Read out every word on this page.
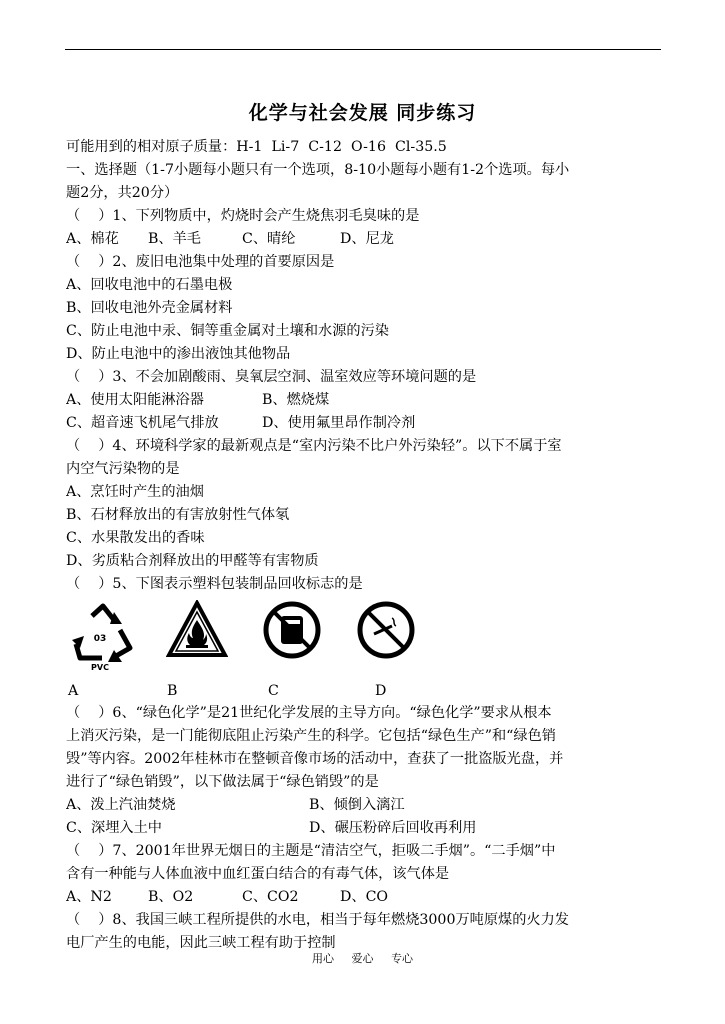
化学与社会发展 同步练习
可能用到的相对原子质量：H-1  Li-7  C-12  O-16  Cl-35.5
一、选择题（1-7小题每小题只有一个选项，8-10小题每小题有1-2个选项。每小
题2分，共20分）
（    ）1、下列物质中，灼烧时会产生烧焦羽毛臭味的是
A、棉花	B、羊毛	C、晴纶	D、尼龙
（    ）2、废旧电池集中处理的首要原因是
A、回收电池中的石墨电极
B、回收电池外壳金属材料
C、防止电池中汞、铜等重金属对土壤和水源的污染
D、防止电池中的渗出液蚀其他物品
（    ）3、不会加剧酸雨、臭氧层空洞、温室效应等环境问题的是
A、使用太阳能淋浴器	B、燃烧煤
C、超音速飞机尾气排放	D、使用氟里昂作制冷剂
（    ）4、环境科学家的最新观点是“室内污染不比户外污染轻”。以下不属于室
内空气污染物的是
A、烹饪时产生的油烟
B、石材释放出的有害放射性气体氡
C、水果散发出的香味
D、劣质粘合剂释放出的甲醛等有害物质
（    ）5、下图表示塑料包装制品回收标志的是
03
PVC
A	B	C	D
（    ）6、“绿色化学”是21世纪化学发展的主导方向。“绿色化学”要求从根本
上消灭污染，是一门能彻底阻止污染产生的科学。它包括“绿色生产”和“绿色销
毁”等内容。2002年桂林市在整顿音像市场的活动中，查获了一批盗版光盘，并
进行了“绿色销毁”，以下做法属于“绿色销毁”的是
A、泼上汽油焚烧	B、倾倒入漓江
C、深埋入土中	D、碾压粉碎后回收再利用
（    ）7、2001年世界无烟日的主题是“清洁空气，拒吸二手烟”。“二手烟”中
含有一种能与人体血液中血红蛋白结合的有毒气体，该气体是
A、N2	B、O2	C、CO2	D、CO
（    ）8、我国三峡工程所提供的水电，相当于每年燃烧3000万吨原煤的火力发
电厂产生的电能，因此三峡工程有助于控制
用心 爱心 专心
